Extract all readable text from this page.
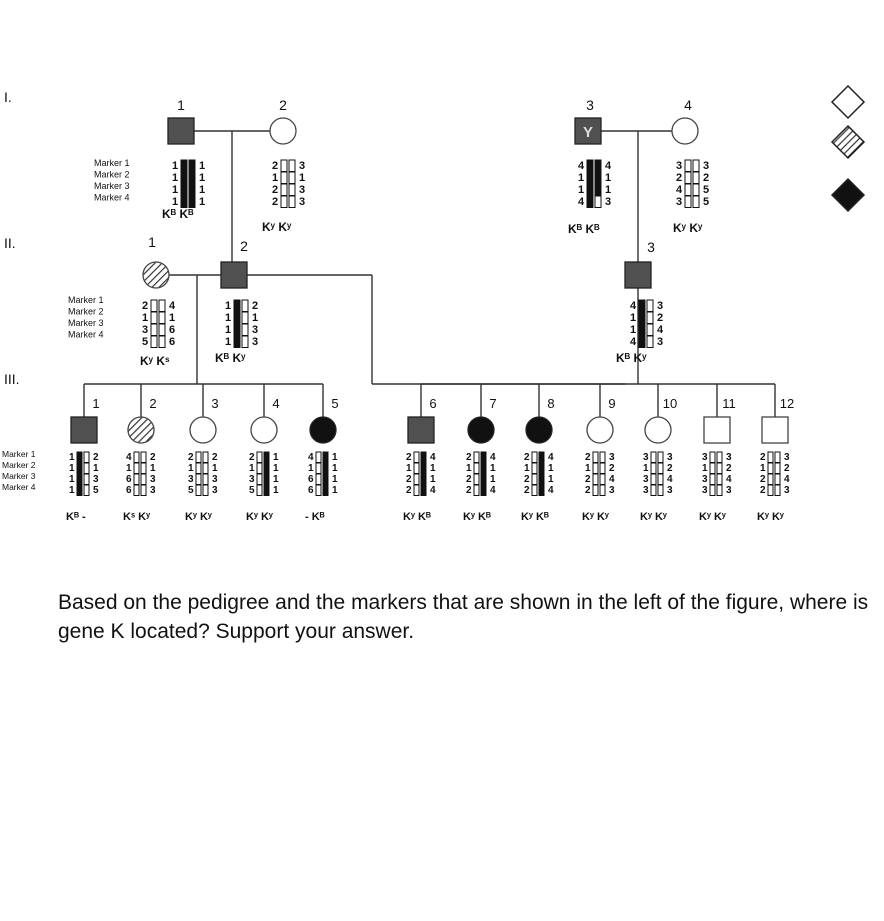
1
1 1
1 1
1 1
1 1
Kᴮ Kᴮ
2
2 3
1 1
2 3
2 3
Kʸ Kʸ
Y
3
4 4
1 1
1 1
4 3
Kᴮ Kᴮ
4
3 3
2 2
4 5
3 5
Kʸ Kʸ
Marker 1
Marker 2
Marker 3
Marker 4
1
2 4
1 1
3 6
5 6
Kʸ Kˢ
2
1 2
1 1
1 3
1 3
Kᴮ Kʸ
3
4 3
1 2
1 4
4 3
Kᴮ Kʸ
Marker 1
Marker 2
Marker 3
Marker 4
1
1 2
1 1
1 3
1 5
Kᴮ -
2
4 2
1 1
6 3
6 3
Kˢ Kʸ
3
2 2
1 1
3 3
5 3
Kʸ Kʸ
4
2 1
1 1
3 1
5 1
Kʸ Kʸ
5
4 1
1 1
6 1
6 1
- Kᴮ
6
2 4
1 1
2 1
2 4
Kʸ Kᴮ
7
2 4
1 1
2 1
2 4
Kʸ Kᴮ
8
2 4
1 1
2 1
2 4
Kʸ Kᴮ
9
2 3
1 2
2 4
2 3
Kʸ Kʸ
10
3 3
1 2
3 4
3 3
Kʸ Kʸ
11
3 3
1 2
3 4
3 3
Kʸ Kʸ
12
2 3
1 2
2 4
2 3
Kʸ Kʸ
Marker 1
Marker 2
Marker 3
Marker 4
I.
II.
III.
Based on the pedigree and the markers that are shown in the left of the figure, where is gene K located? Support your answer.
